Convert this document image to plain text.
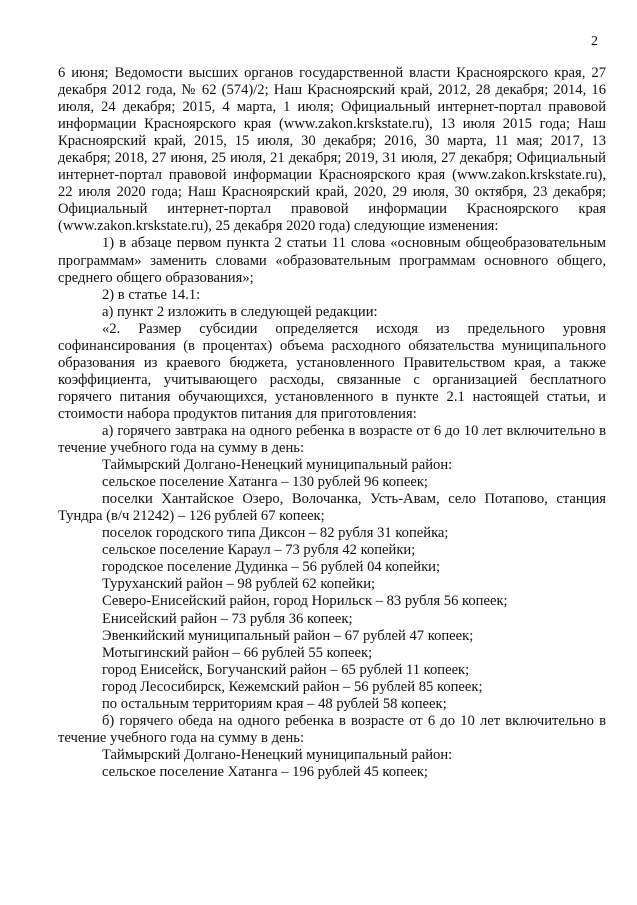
2

6 июня; Ведомости высших органов государственной власти Красноярского края, 27 декабря 2012 года, № 62 (574)/2; Наш Красноярский край, 2012, 28 декабря; 2014, 16 июля, 24 декабря; 2015, 4 марта, 1 июля; Официальный интернет-портал правовой информации Красноярского края (www.zakon.krskstate.ru), 13 июля 2015 года; Наш Красноярский край, 2015, 15 июля, 30 декабря; 2016, 30 марта, 11 мая; 2017, 13 декабря; 2018, 27 июня, 25 июля, 21 декабря; 2019, 31 июля, 27 декабря; Официальный интернет-портал правовой информации Красноярского края (www.zakon.krskstate.ru), 22 июля 2020 года; Наш Красноярский край, 2020, 29 июля, 30 октября, 23 декабря; Официальный интернет-портал правовой информации Красноярского края (www.zakon.krskstate.ru), 25 декабря 2020 года) следующие изменения:

1) в абзаце первом пункта 2 статьи 11 слова «основным общеобразовательным программам» заменить словами «образовательным программам основного общего, среднего общего образования»;

2) в статье 14.1:

а) пункт 2 изложить в следующей редакции:

«2. Размер субсидии определяется исходя из предельного уровня софинансирования (в процентах) объема расходного обязательства муниципального образования из краевого бюджета, установленного Правительством края, а также коэффициента, учитывающего расходы, связанные с организацией бесплатного горячего питания обучающихся, установленного в пункте 2.1 настоящей статьи, и стоимости набора продуктов питания для приготовления:

а) горячего завтрака на одного ребенка в возрасте от 6 до 10 лет включительно в течение учебного года на сумму в день:

Таймырский Долгано-Ненецкий муниципальный район:

сельское поселение Хатанга – 130 рублей 96 копеек;

поселки Хантайское Озеро, Волочанка, Усть-Авам, село Потапово, станция Тундра (в/ч 21242) – 126 рублей 67 копеек;

поселок городского типа Диксон – 82 рубля 31 копейка;

сельское поселение Караул – 73 рубля 42 копейки;

городское поселение Дудинка – 56 рублей 04 копейки;

Туруханский район – 98 рублей 62 копейки;

Северо-Енисейский район, город Норильск – 83 рубля 56 копеек;

Енисейский район – 73 рубля 36 копеек;

Эвенкийский муниципальный район – 67 рублей 47 копеек;

Мотыгинский район – 66 рублей 55 копеек;

город Енисейск, Богучанский район – 65 рублей 11 копеек;

город Лесосибирск, Кежемский район – 56 рублей 85 копеек;

по остальным территориям края – 48 рублей 58 копеек;

б) горячего обеда на одного ребенка в возрасте от 6 до 10 лет включительно в течение учебного года на сумму в день:

Таймырский Долгано-Ненецкий муниципальный район:

сельское поселение Хатанга – 196 рублей 45 копеек;
